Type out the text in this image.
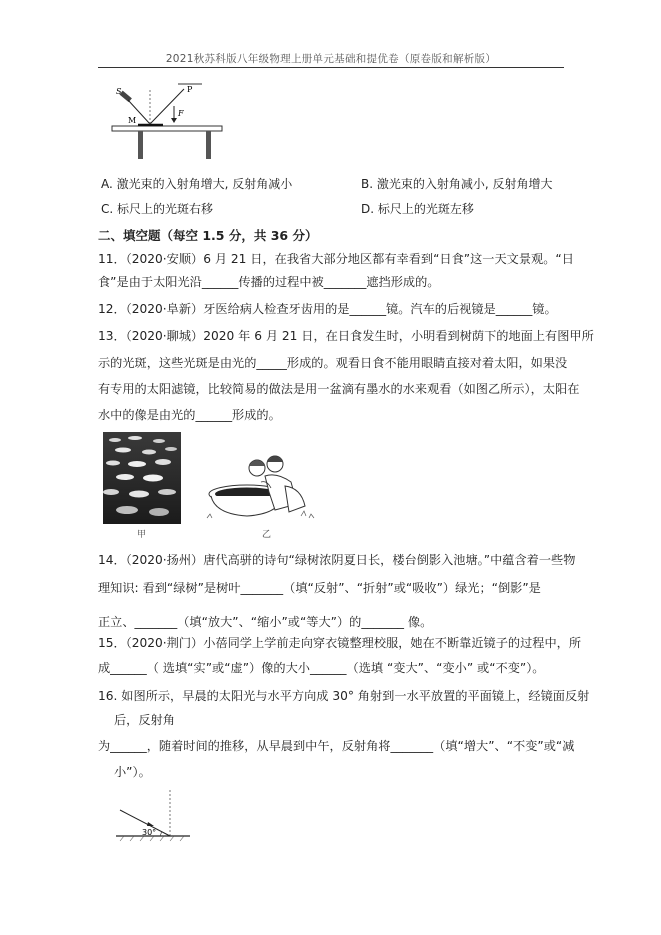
2021秋苏科版八年级物理上册单元基础和提优卷（原卷版和解析版）
S	P
M
F
A. 激光束的入射角增大, 反射角减小	B. 激光束的入射角减小, 反射角增大
C. 标尺上的光斑右移	D. 标尺上的光斑左移
二、填空题（每空 1.5 分，共 36 分）
11．（2020·安顺）6 月 21 日，在我省大部分地区都有幸看到“日食”这一天文景观。“日
食”是由于太阳光沿______传播的过程中被_______遮挡形成的。
12．（2020·阜新）牙医给病人检查牙齿用的是______镜。汽车的后视镜是______镜。
13．（2020·聊城）2020 年 6 月 21 日，在日食发生时，小明看到树荫下的地面上有图甲所
示的光斑，这些光斑是由光的_____形成的。观看日食不能用眼睛直接对着太阳，如果没
有专用的太阳滤镜，比较简易的做法是用一盆滴有墨水的水来观看（如图乙所示），太阳在
水中的像是由光的______形成的。
甲	乙
14．（2020·扬州）唐代高骈的诗句“绿树浓阴夏日长，楼台倒影入池塘。”中蕴含着一些物
理知识: 看到“绿树”是树叶_______（填“反射”、“折射”或“吸收”）绿光；“倒影”是
正立、_______（填“放大”、“缩小”或“等大”）的_______ 像。
15．（2020·荆门）小蓓同学上学前走向穿衣镜整理校服，她在不断靠近镜子的过程中，所
成______（ 选填“实”或“虚”）像的大小______（选填 “变大”、“变小” 或“不变”）。
16. 如图所示，早晨的太阳光与水平方向成 30° 角射到一水平放置的平面镜上，经镜面反射
后，反射角
为______，随着时间的推移，从早晨到中午，反射角将_______（填“增大”、“不变”或“减
小”）。
30°
